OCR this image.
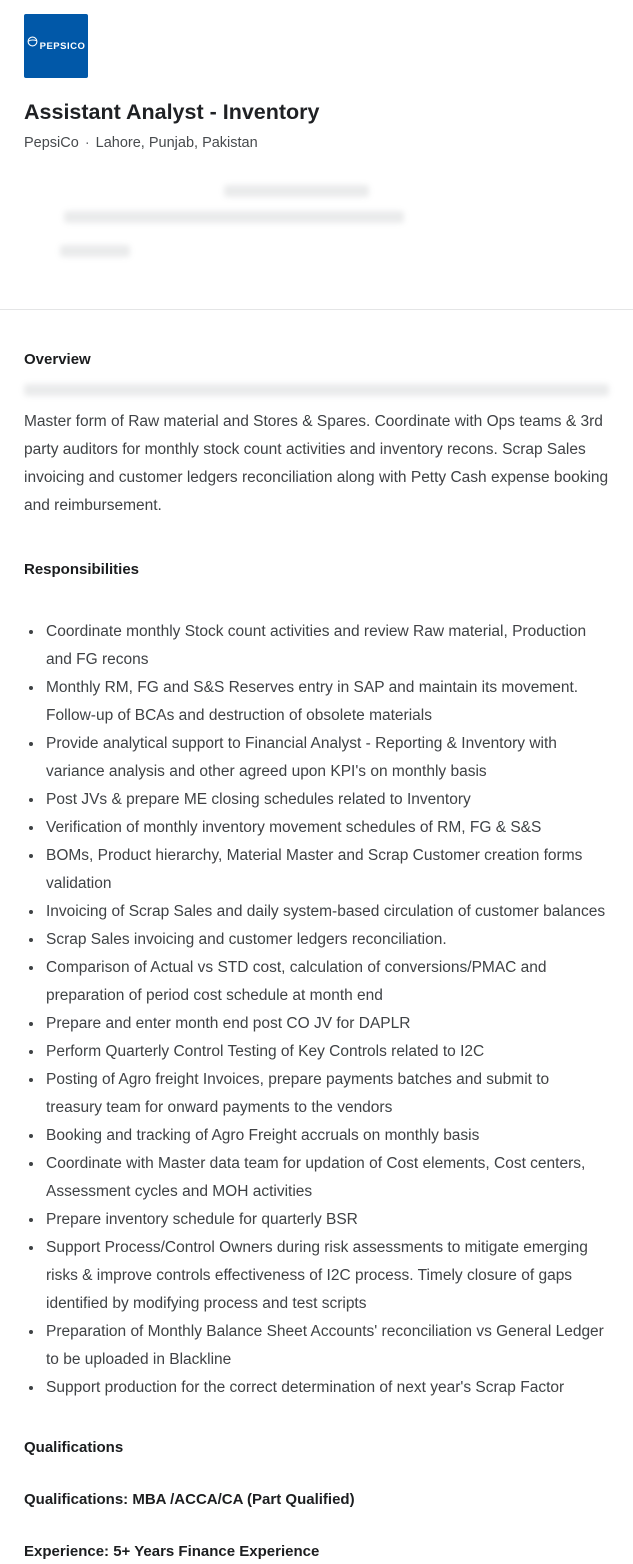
PEPSICO
Assistant Analyst - Inventory
PepsiCo · Lahore, Punjab, Pakistan
Overview

Master form of Raw material and Stores & Spares. Coordinate with Ops teams & 3rd party auditors for monthly stock count activities and inventory recons. Scrap Sales invoicing and customer ledgers reconciliation along with Petty Cash expense booking and reimbursement.

Responsibilities
• Coordinate monthly Stock count activities and review Raw material, Production and FG recons
• Monthly RM, FG and S&S Reserves entry in SAP and maintain its movement. Follow-up of BCAs and destruction of obsolete materials
• Provide analytical support to Financial Analyst - Reporting & Inventory with variance analysis and other agreed upon KPI's on monthly basis
• Post JVs & prepare ME closing schedules related to Inventory
• Verification of monthly inventory movement schedules of RM, FG & S&S
• BOMs, Product hierarchy, Material Master and Scrap Customer creation forms validation
• Invoicing of Scrap Sales and daily system-based circulation of customer balances
• Scrap Sales invoicing and customer ledgers reconciliation.
• Comparison of Actual vs STD cost, calculation of conversions/PMAC and preparation of period cost schedule at month end
• Prepare and enter month end post CO JV for DAPLR
• Perform Quarterly Control Testing of Key Controls related to I2C
• Posting of Agro freight Invoices, prepare payments batches and submit to treasury team for onward payments to the vendors
• Booking and tracking of Agro Freight accruals on monthly basis
• Coordinate with Master data team for updation of Cost elements, Cost centers, Assessment cycles and MOH activities
• Prepare inventory schedule for quarterly BSR
• Support Process/Control Owners during risk assessments to mitigate emerging risks & improve controls effectiveness of I2C process. Timely closure of gaps identified by modifying process and test scripts
• Preparation of Monthly Balance Sheet Accounts' reconciliation vs General Ledger to be uploaded in Blackline
• Support production for the correct determination of next year's Scrap Factor
Qualifications

Qualifications: MBA /ACCA/CA (Part Qualified)

Experience: 5+ Years Finance Experience
